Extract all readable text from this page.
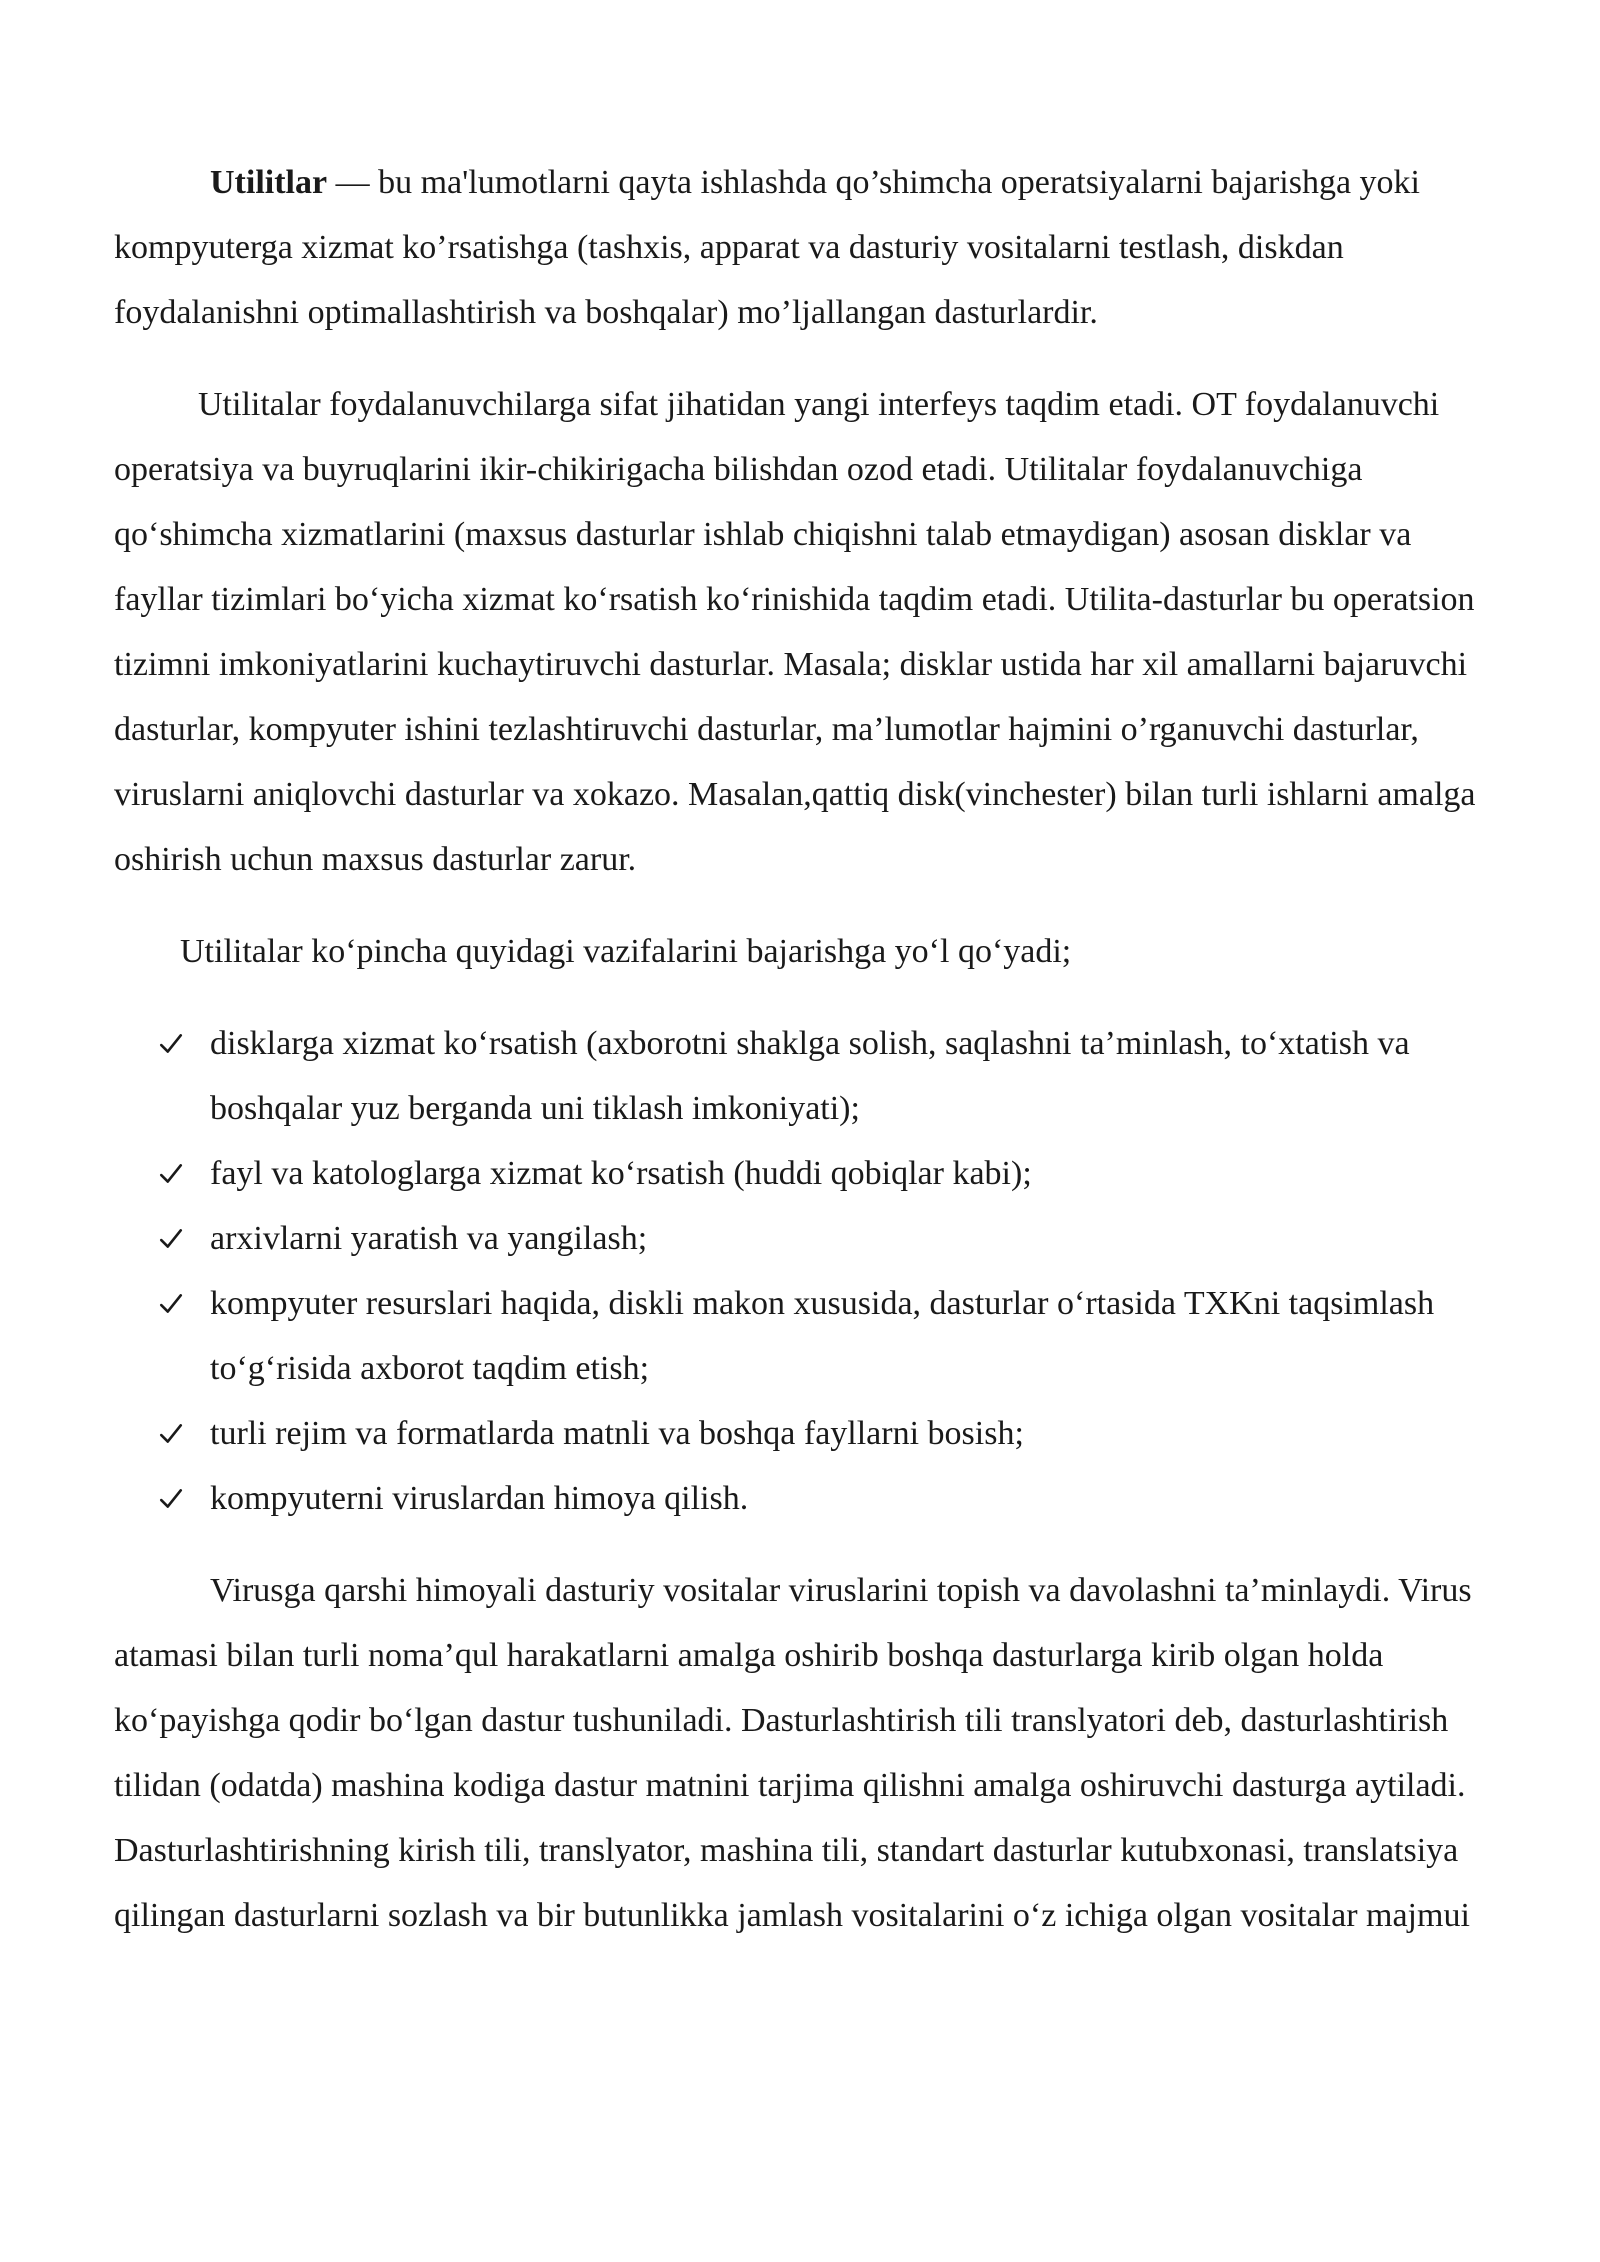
Utilitlar — bu ma'lumotlarni qayta ishlashda qo’shimcha operatsiyalarni bajarishga yoki kompyuterga xizmat ko’rsatishga (tashxis, apparat va dasturiy vositalarni testlash, diskdan foydalanishni optimallashtirish va boshqalar) mo’ljallangan dasturlardir.

Utilitalar foydalanuvchilarga sifat jihatidan yangi interfeys taqdim etadi. OT foydalanuvchi operatsiya va buyruqlarini ikir-chikirigacha bilishdan ozod etadi. Utilitalar foydalanuvchiga qo‘shimcha xizmatlarini (maxsus dasturlar ishlab chiqishni talab etmaydigan) asosan disklar va fayllar tizimlari bo‘yicha xizmat ko‘rsatish ko‘rinishida taqdim etadi. Utilita-dasturlar bu operatsion tizimni imkoniyatlarini kuchaytiruvchi dasturlar. Masala; disklar ustida har xil amallarni bajaruvchi dasturlar, kompyuter ishini tezlashtiruvchi dasturlar, ma’lumotlar hajmini o’rganuvchi dasturlar, viruslarni aniqlovchi dasturlar va xokazo. Masalan,qattiq disk(vinchester) bilan turli ishlarni amalga oshirish uchun maxsus dasturlar zarur.

Utilitalar ko‘pincha quyidagi vazifalarini bajarishga yo‘l qo‘yadi;

disklarga xizmat ko‘rsatish (axborotni shaklga solish, saqlashni ta’minlash, to‘xtatish va boshqalar yuz berganda uni tiklash imkoniyati);
fayl va katologlarga xizmat ko‘rsatish (huddi qobiqlar kabi);
arxivlarni yaratish va yangilash;
kompyuter resurslari haqida, diskli makon xususida, dasturlar o‘rtasida TXKni taqsimlash to‘g‘risida axborot taqdim etish;
turli rejim va formatlarda matnli va boshqa fayllarni bosish;
kompyuterni viruslardan himoya qilish.

Virusga qarshi himoyali dasturiy vositalar viruslarini topish va davolashni ta’minlaydi. Virus atamasi bilan turli noma’qul harakatlarni amalga oshirib boshqa dasturlarga kirib olgan holda ko‘payishga qodir bo‘lgan dastur tushuniladi. Dasturlashtirish tili translyatori deb, dasturlashtirish tilidan (odatda) mashina kodiga dastur matnini tarjima qilishni amalga oshiruvchi dasturga aytiladi. Dasturlashtirishning kirish tili, translyator, mashina tili, standart dasturlar kutubxonasi, translatsiya qilingan dasturlarni sozlash va bir butunlikka jamlash vositalarini o‘z ichiga olgan vositalar majmui
